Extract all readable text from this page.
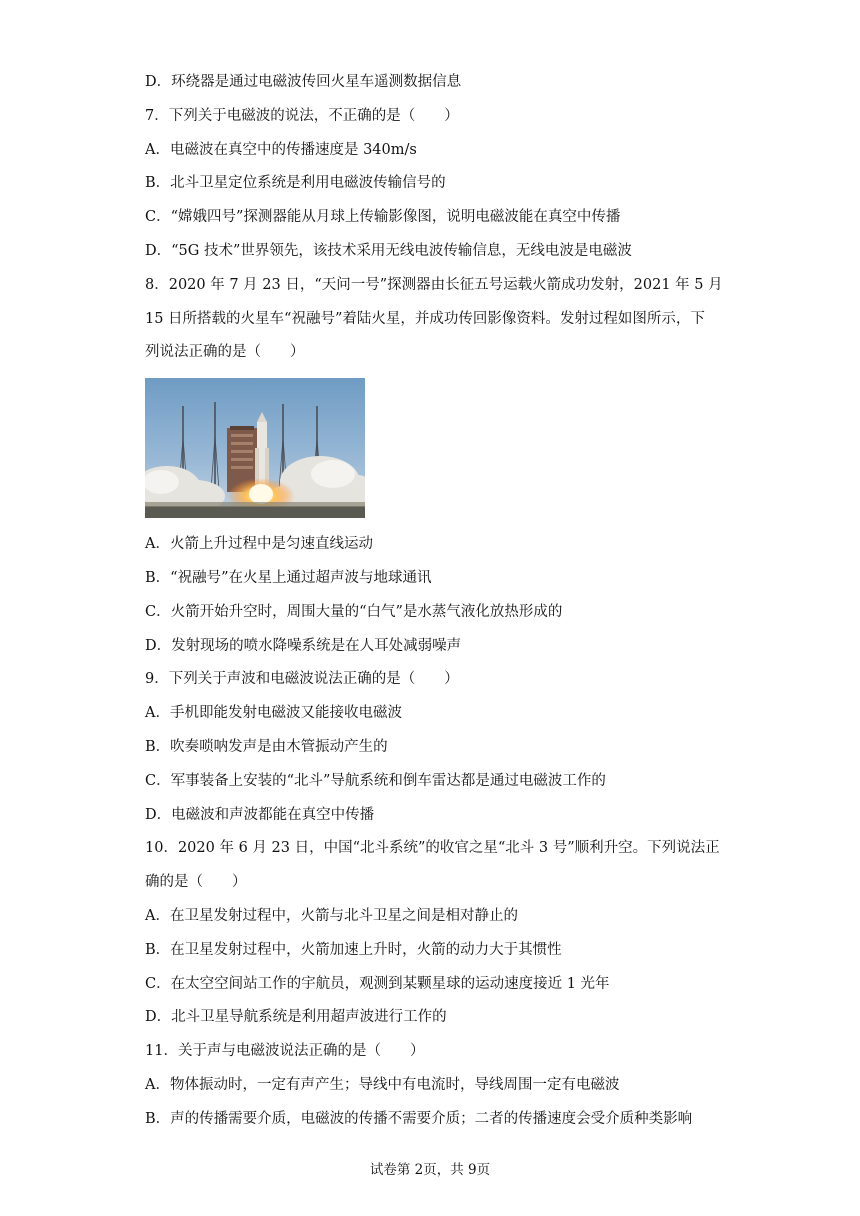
D．环绕器是通过电磁波传回火星车遥测数据信息
7．下列关于电磁波的说法，不正确的是（　　）
A．电磁波在真空中的传播速度是 340m/s
B．北斗卫星定位系统是利用电磁波传输信号的
C．“嫦娥四号”探测器能从月球上传输影像图，说明电磁波能在真空中传播
D．“5G 技术”世界领先，该技术采用无线电波传输信息，无线电波是电磁波
8．2020 年 7 月 23 日，“天问一号”探测器由长征五号运载火箭成功发射，2021 年 5 月
15 日所搭载的火星车“祝融号”着陆火星，并成功传回影像资料。发射过程如图所示，下
列说法正确的是（　　）
A．火箭上升过程中是匀速直线运动
B．“祝融号”在火星上通过超声波与地球通讯
C．火箭开始升空时，周围大量的“白气”是水蒸气液化放热形成的
D．发射现场的喷水降噪系统是在人耳处减弱噪声
9．下列关于声波和电磁波说法正确的是（　　）
A．手机即能发射电磁波又能接收电磁波
B．吹奏唢呐发声是由木管振动产生的
C．军事装备上安装的“北斗”导航系统和倒车雷达都是通过电磁波工作的
D．电磁波和声波都能在真空中传播
10．2020 年 6 月 23 日，中国“北斗系统”的收官之星“北斗 3 号”顺利升空。下列说法正
确的是（　　）
A．在卫星发射过程中，火箭与北斗卫星之间是相对静止的
B．在卫星发射过程中，火箭加速上升时，火箭的动力大于其惯性
C．在太空空间站工作的宇航员，观测到某颗星球的运动速度接近 1 光年
D．北斗卫星导航系统是利用超声波进行工作的
11．关于声与电磁波说法正确的是（　　）
A．物体振动时，一定有声产生；导线中有电流时，导线周围一定有电磁波
B．声的传播需要介质，电磁波的传播不需要介质；二者的传播速度会受介质种类影响
试卷第 2页，共 9页
